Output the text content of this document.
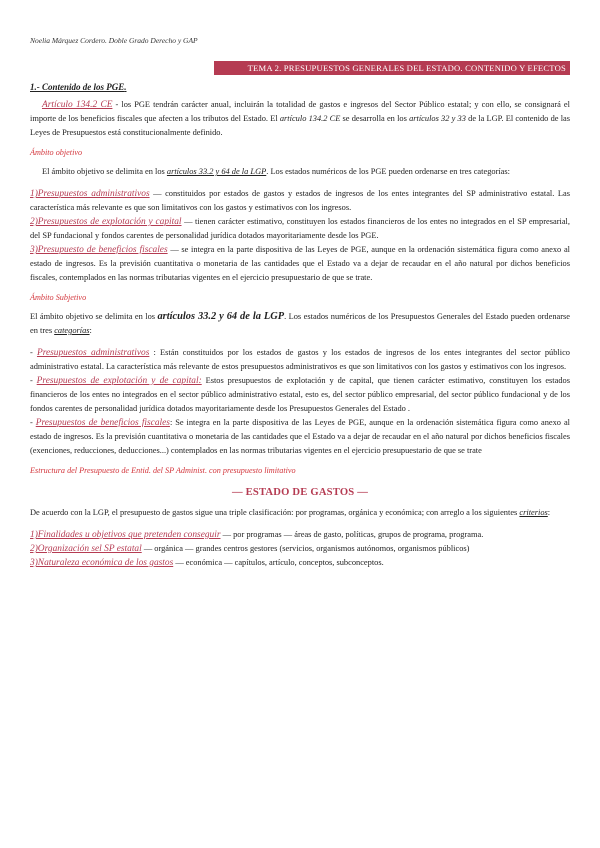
Noelia Márquez Cordero. Doble Grado Derecho y GAP
TEMA 2. PRESUPUESTOS GENERALES DEL ESTADO. CONTENIDO Y EFECTOS

1.- Contenido de los PGE.

Artículo 134.2 CE - los PGE tendrán carácter anual, incluirán la totalidad de gastos e ingresos del Sector Público estatal; y con ello, se consignará el importe de los beneficios fiscales que afecten a los tributos del Estado. El artículo 134.2 CE se desarrolla en los artículos 32 y 33 de la LGP. El contenido de las Leyes de Presupuestos está constitucionalmente definido.

Ámbito objetivo

El ámbito objetivo se delimita en los artículos 33.2 y 64 de la LGP. Los estados numéricos de los PGE pueden ordenarse en tres categorías:

1)Presupuestos administrativos — constituidos por estados de gastos y estados de ingresos de los entes integrantes del SP administrativo estatal. Las característica más relevante es que son limitativos con los gastos y estimativos con los ingresos.

2)Presupuestos de explotación y capital — tienen carácter estimativo, constituyen los estados financieros de los entes no integrados en el SP empresarial, del SP fundacional y fondos carentes de personalidad jurídica dotados mayoritariamente desde los PGE.

3)Presupuesto de beneficios fiscales — se integra en la parte dispositiva de las Leyes de PGE, aunque en la ordenación sistemática figura como anexo al estado de ingresos. Es la previsión cuantitativa o monetaria de las cantidades que el Estado va a dejar de recaudar en el año natural por dichos beneficios fiscales, contemplados en las normas tributarias vigentes en el ejercicio presupuestario de que se trate.

Ámbito Subjetivo

El ámbito objetivo se delimita en los artículos 33.2 y 64 de la LGP. Los estados numéricos de los Presupuestos Generales del Estado pueden ordenarse en tres categorías:

- Presupuestos administrativos : Están constituidos por los estados de gastos y los estados de ingresos de los entes integrantes del sector público administrativo estatal. La característica más relevante de estos presupuestos administrativos es que son limitativos con los gastos y estimativos con los ingresos.

- Presupuestos de explotación y de capital: Estos presupuestos de explotación y de capital, que tienen carácter estimativo, constituyen los estados financieros de los entes no integrados en el sector público administrativo estatal, esto es, del sector público empresarial, del sector público fundacional y de los fondos carentes de personalidad jurídica dotados mayoritariamente desde los Presupuestos Generales del Estado .

- Presupuestos de beneficios fiscales: Se integra en la parte dispositiva de las Leyes de PGE, aunque en la ordenación sistemática figura como anexo al estado de ingresos. Es la previsión cuantitativa o monetaria de las cantidades que el Estado va a dejar de recaudar en el año natural por dichos beneficios fiscales (exenciones, reducciones, deducciones...) contemplados en las normas tributarias vigentes en el ejercicio presupuestario de que se trate

Estructura del Presupuesto de Entid. del SP Administ. con presupuesto limitativo

— ESTADO DE GASTOS —

De acuerdo con la LGP, el presupuesto de gastos sigue una triple clasificación: por programas, orgánica y económica; con arreglo a los siguientes criterios:

1)Finalidades u objetivos que pretenden conseguir — por programas — áreas de gasto, políticas, grupos de programa, programa.

2)Organización sel SP estatal — orgánica — grandes centros gestores (servicios, organismos autónomos, organismos públicos)

3)Naturaleza económica de los gastos — económica — capítulos, artículo, conceptos, subconceptos.
